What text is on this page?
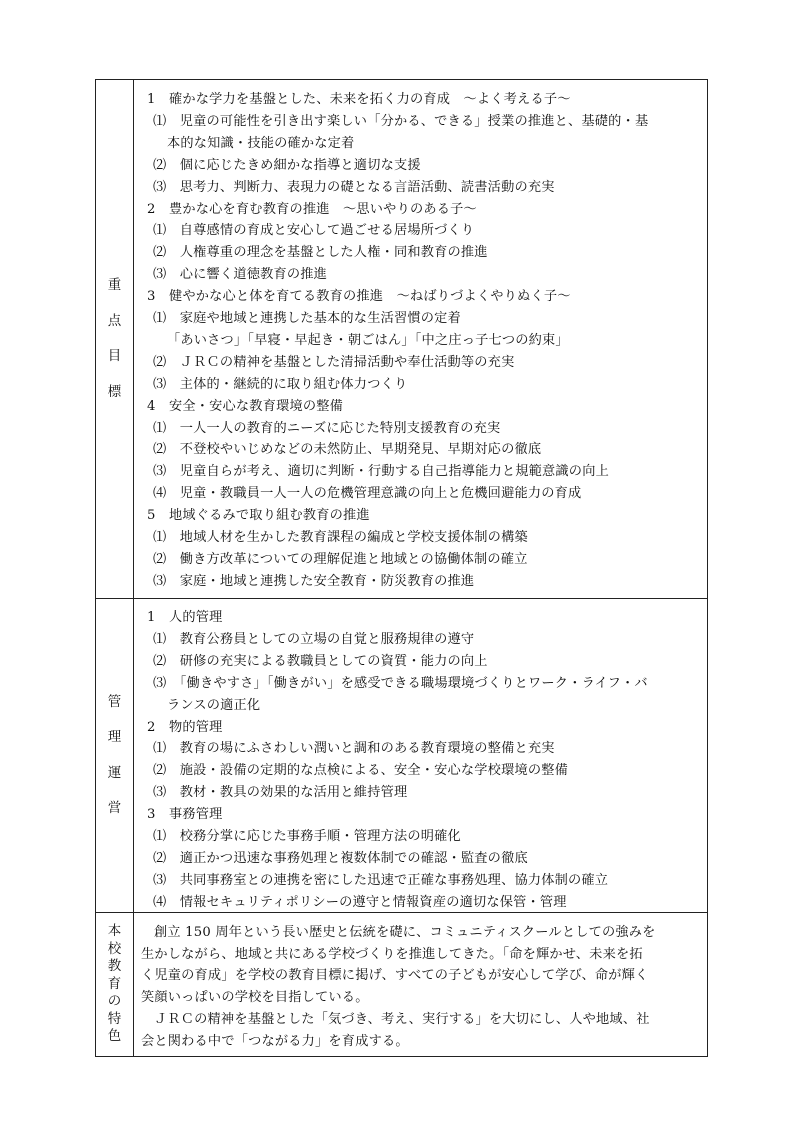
重
点
目
標
1　確かな学力を基盤とした、未来を拓く力の育成　～よく考える子～
⑴　児童の可能性を引き出す楽しい「分かる、できる」授業の推進と、基礎的・基
本的な知識・技能の確かな定着
⑵　個に応じたきめ細かな指導と適切な支援
⑶　思考力、判断力、表現力の礎となる言語活動、読書活動の充実
2　豊かな心を育む教育の推進　～思いやりのある子～
⑴　自尊感情の育成と安心して過ごせる居場所づくり
⑵　人権尊重の理念を基盤とした人権・同和教育の推進
⑶　心に響く道徳教育の推進
3　健やかな心と体を育てる教育の推進　～ねばりづよくやりぬく子～
⑴　家庭や地域と連携した基本的な生活習慣の定着
「あいさつ」「早寝・早起き・朝ごはん」「中之庄っ子七つの約束」
⑵　ＪＲＣの精神を基盤とした清掃活動や奉仕活動等の充実
⑶　主体的・継続的に取り組む体力つくり
4　安全・安心な教育環境の整備
⑴　一人一人の教育的ニーズに応じた特別支援教育の充実
⑵　不登校やいじめなどの未然防止、早期発見、早期対応の徹底
⑶　児童自らが考え、適切に判断・行動する自己指導能力と規範意識の向上
⑷　児童・教職員一人一人の危機管理意識の向上と危機回避能力の育成
5　地域ぐるみで取り組む教育の推進
⑴　地域人材を生かした教育課程の編成と学校支援体制の構築
⑵　働き方改革についての理解促進と地域との協働体制の確立
⑶　家庭・地域と連携した安全教育・防災教育の推進
管
理
運
営
1　人的管理
⑴　教育公務員としての立場の自覚と服務規律の遵守
⑵　研修の充実による教職員としての資質・能力の向上
⑶　「働きやすさ」「働きがい」を感受できる職場環境づくりとワーク・ライフ・バ
ランスの適正化
2　物的管理
⑴　教育の場にふさわしい潤いと調和のある教育環境の整備と充実
⑵　施設・設備の定期的な点検による、安全・安心な学校環境の整備
⑶　教材・教具の効果的な活用と維持管理
3　事務管理
⑴　校務分掌に応じた事務手順・管理方法の明確化
⑵　適正かつ迅速な事務処理と複数体制での確認・監査の徹底
⑶　共同事務室との連携を密にした迅速で正確な事務処理、協力体制の確立
⑷　情報セキュリティポリシーの遵守と情報資産の適切な保管・管理
本
校
教
育
の
特
色
創立 150 周年という長い歴史と伝統を礎に、コミュニティスクールとしての強みを
生かしながら、地域と共にある学校づくりを推進してきた。「命を輝かせ、未来を拓
く児童の育成」を学校の教育目標に掲げ、すべての子どもが安心して学び、命が輝く
笑顔いっぱいの学校を目指している。
ＪＲＣの精神を基盤とした「気づき、考え、実行する」を大切にし、人や地域、社
会と関わる中で「つながる力」を育成する。
